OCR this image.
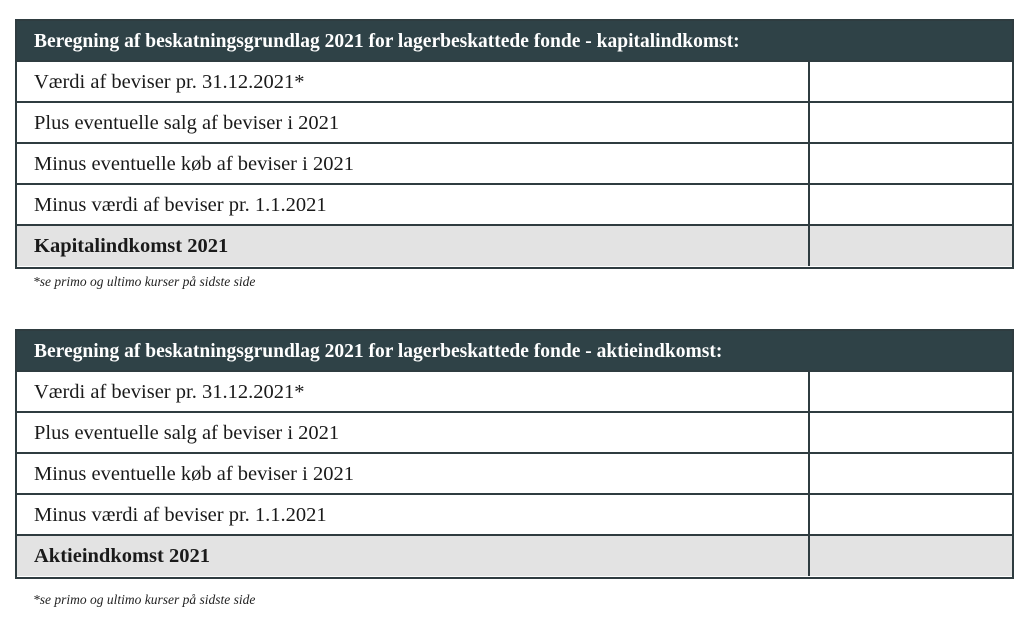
Beregning af beskatningsgrundlag 2021 for lagerbeskattede fonde - kapitalindkomst:
Værdi af beviser pr. 31.12.2021*
Plus eventuelle salg af beviser i 2021
Minus eventuelle køb af beviser i 2021
Minus værdi af beviser pr. 1.1.2021
Kapitalindkomst 2021
*se primo og ultimo kurser på sidste side
Beregning af beskatningsgrundlag 2021 for lagerbeskattede fonde - aktieindkomst:
Værdi af beviser pr. 31.12.2021*
Plus eventuelle salg af beviser i 2021
Minus eventuelle køb af beviser i 2021
Minus værdi af beviser pr. 1.1.2021
Aktieindkomst 2021
*se primo og ultimo kurser på sidste side
